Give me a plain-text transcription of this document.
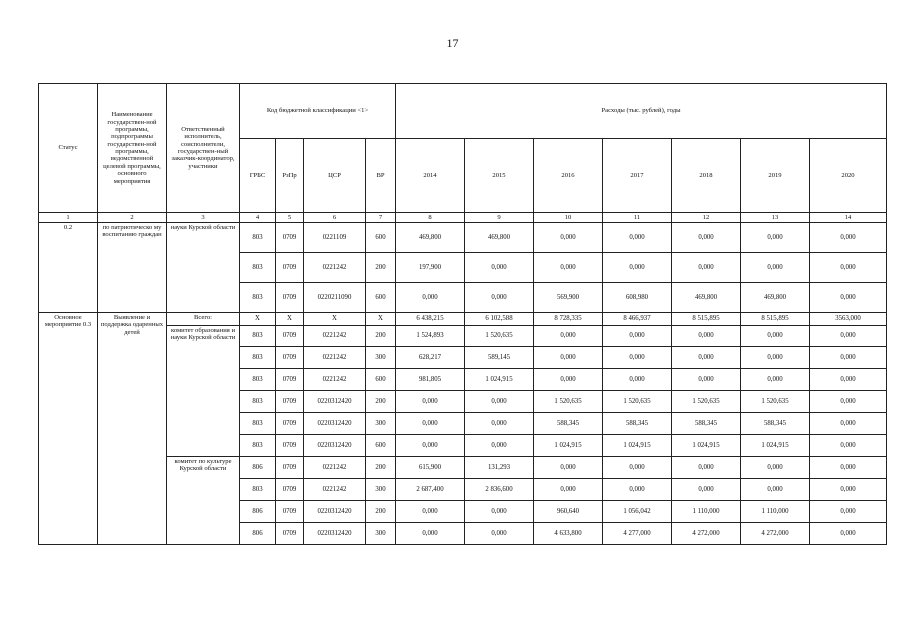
17
Статус	Наименование государствен-ной программы, подпрограммы государствен-ной программы, ведомственной целевой программы, основного мероприятия	Ответственный исполнитель, соисполнители, государствен-ный заказчик-координатор, участники	Код бюджетной классификации <1>				Расходы (тыс. рублей), годы						
			ГРБС	РзПр	ЦСР	ВР	2014	2015	2016	2017	2018	2019	2020
1	2	3	4	5	6	7	8	9	10	11	12	13	14
0.2	по патриотическо му воспитанию граждан	науки Курской области	803	0709	0221109	600	469,800	469,800	0,000	0,000	0,000	0,000	0,000
			803	0709	0221242	200	197,900	0,000	0,000	0,000	0,000	0,000	0,000
			803	0709	0220211090	600	0,000	0,000	569,900	608,980	469,800	469,800	0,000
Основное мероприятие 0.3	Выявление и поддержка одаренных детей	Всего:	Х	Х	Х	Х	6 438,215	6 102,588	8 728,335	8 466,937	8 515,895	8 515,895	3563,000
		комитет образования и науки Курской области	803	0709	0221242	200	1 524,893	1 520,635	0,000	0,000	0,000	0,000	0,000
			803	0709	0221242	300	628,217	589,145	0,000	0,000	0,000	0,000	0,000
			803	0709	0221242	600	981,805	1 024,915	0,000	0,000	0,000	0,000	0,000
			803	0709	0220312420	200	0,000	0,000	1 520,635	1 520,635	1 520,635	1 520,635	0,000
			803	0709	0220312420	300	0,000	0,000	588,345	588,345	588,345	588,345	0,000
			803	0709	0220312420	600	0,000	0,000	1 024,915	1 024,915	1 024,915	1 024,915	0,000
		комитет по культуре Курской области	806	0709	0221242	200	615,900	131,293	0,000	0,000	0,000	0,000	0,000
			803	0709	0221242	300	2 687,400	2 836,600	0,000	0,000	0,000	0,000	0,000
			806	0709	0220312420	200	0,000	0,000	960,640	1 056,042	1 110,000	1 110,000	0,000
			806	0709	0220312420	300	0,000	0,000	4 633,800	4 277,000	4 272,000	4 272,000	0,000
